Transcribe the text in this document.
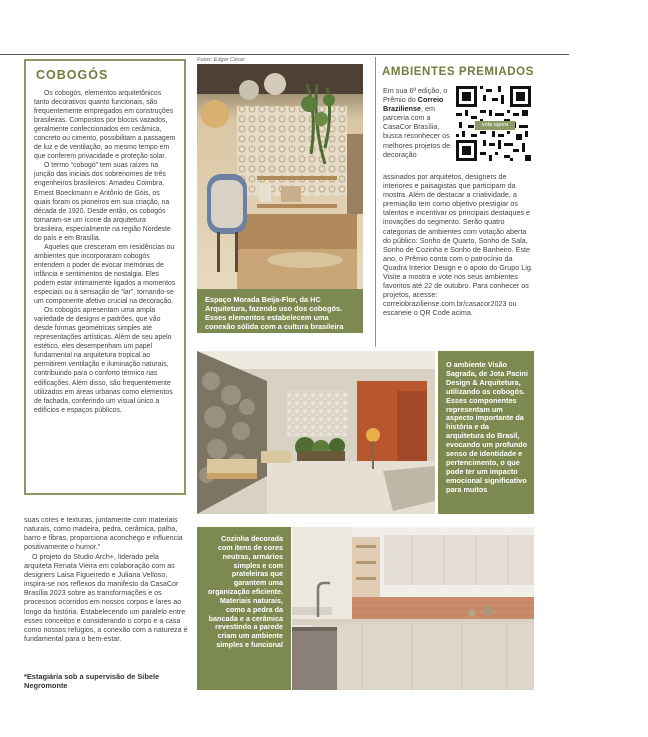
COBOGÓS

Os cobogós, elementos arquitetônicos tanto decorativos quanto funcionais, são frequentemente empregados em construções brasileiras. Compostos por blocos vazados, geralmente confeccionados em cerâmica, concreto ou cimento, possibilitam a passagem de luz e de ventilação, ao mesmo tempo em que conferem privacidade e proteção solar.

O termo “cobogó” tem suas raízes na junção das iniciais dos sobrenomes de três engenheiros brasileiros: Amadeu Coimbra, Ernest Boeckmann e Antônio de Góis, os quais foram os pioneiros em sua criação, na década de 1920. Desde então, os cobogós tornaram-se um ícone da arquitetura brasileira, especialmente na região Nordeste do país e em Brasília.

Aqueles que cresceram em residências ou ambientes que incorporaram cobogós entendem o poder de evocar memórias de infância e sentimentos de nostalgia. Eles podem estar intimamente ligados a momentos especiais ou à sensação de “lar”, tornando-se um componente afetivo crucial na decoração.

Os cobogós apresentam uma ampla variedade de designs e padrões, que vão desde formas geométricas simples até representações artísticas. Além de seu apelo estético, eles desempenham um papel fundamental na arquitetura tropical ao permitirem ventilação e iluminação naturais, contribuindo para o conforto térmico nas edificações. Além disso, são frequentemente utilizados em áreas urbanas como elementos de fachada, conferindo um visual único a edifícios e espaços públicos.

suas cores e texturas, juntamente com materiais naturais, como madeira, pedra, cerâmica, palha, barro e fibras, proporciona aconchego e influencia positivamente o humor.”

O projeto do Studio Arch+, liderado pela arquiteta Renata Vieira em colaboração com as designers Laisa Figueiredo e Juliana Velloso, inspira-se nos reflexos do manifesto da CasaCor Brasília 2023 sobre as transformações e os processos ocorridos em nossos corpos e lares ao longo da história. Estabelecendo um paralelo entre esses conceitos e considerando o corpo e a casa como nossos refúgios, a conexão com a natureza é fundamental para o bem-estar.

*Estagiária sob a supervisão de Sibele Negromonte
Fotos: Edgar César
Espaço Morada Beija-Flor, da HC Arquitetura, fazendo uso dos cobogós. Esses elementos estabelecem uma conexão sólida com a cultura brasileira
AMBIENTES PREMIADOS
Em sua 6ª edição, o Prêmio do Correio Braziliense, em parceria com a CasaCor Brasília, busca reconhecer os melhores projetos de decoração
vote agora
assinados por arquitetos, designers de interiores e paisagistas que participam da mostra. Além de destacar a criatividade, a premiação tem como objetivo prestigiar os talentos e incentivar os principais destaques e inovações do segmento. Serão quatro categorias de ambientes com votação aberta do público: Sonho de Quarto, Sonho de Sala, Sonho de Cozinha e Sonho de Banheiro. Este ano, o Prêmio conta com o patrocínio da Quadra Interior Design e o apoio do Grupo Lig. Visite a mostra e vote nos seus ambientes favoritos até 22 de outubro. Para conhecer os projetos, acesse: correiobraziliense.com.br/casacor2023 ou escaneie o QR Code acima.
O ambiente Visão Sagrada, de Jota Pacini Design & Arquitetura, utilizando os cobogós. Esses componentes representam um aspecto importante da história e da arquitetura do Brasil, evocando um profundo senso de identidade e pertencimento, o que pode ter um impacto emocional significativo para muitos
Cozinha decorada com itens de cores neutras, armários simples e com prateleiras que garantem uma organização eficiente. Materiais naturais, como a pedra da bancada e a cerâmica revestindo a parede criam um ambiente simples e funcional
